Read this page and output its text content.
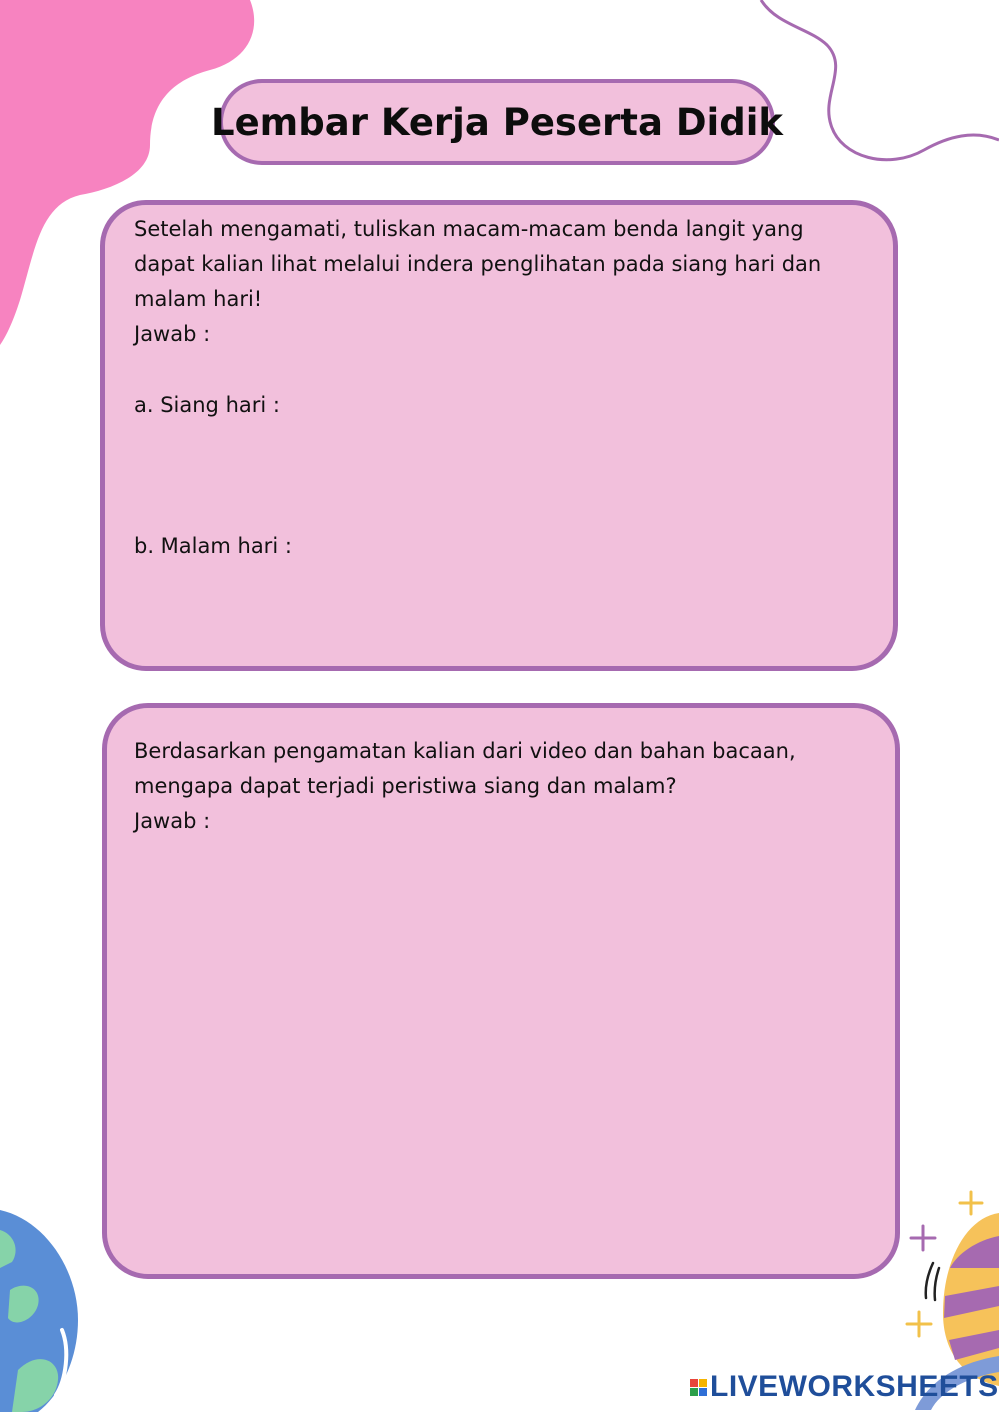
Lembar Kerja Peserta Didik
Setelah mengamati, tuliskan macam-macam benda langit yang
dapat kalian lihat melalui indera penglihatan pada siang hari dan
malam hari!
Jawab :
a. Siang hari :
b. Malam hari :
Berdasarkan pengamatan kalian dari video dan bahan bacaan,
mengapa dapat terjadi peristiwa siang dan malam?
Jawab :
LIVEWORKSHEETS
